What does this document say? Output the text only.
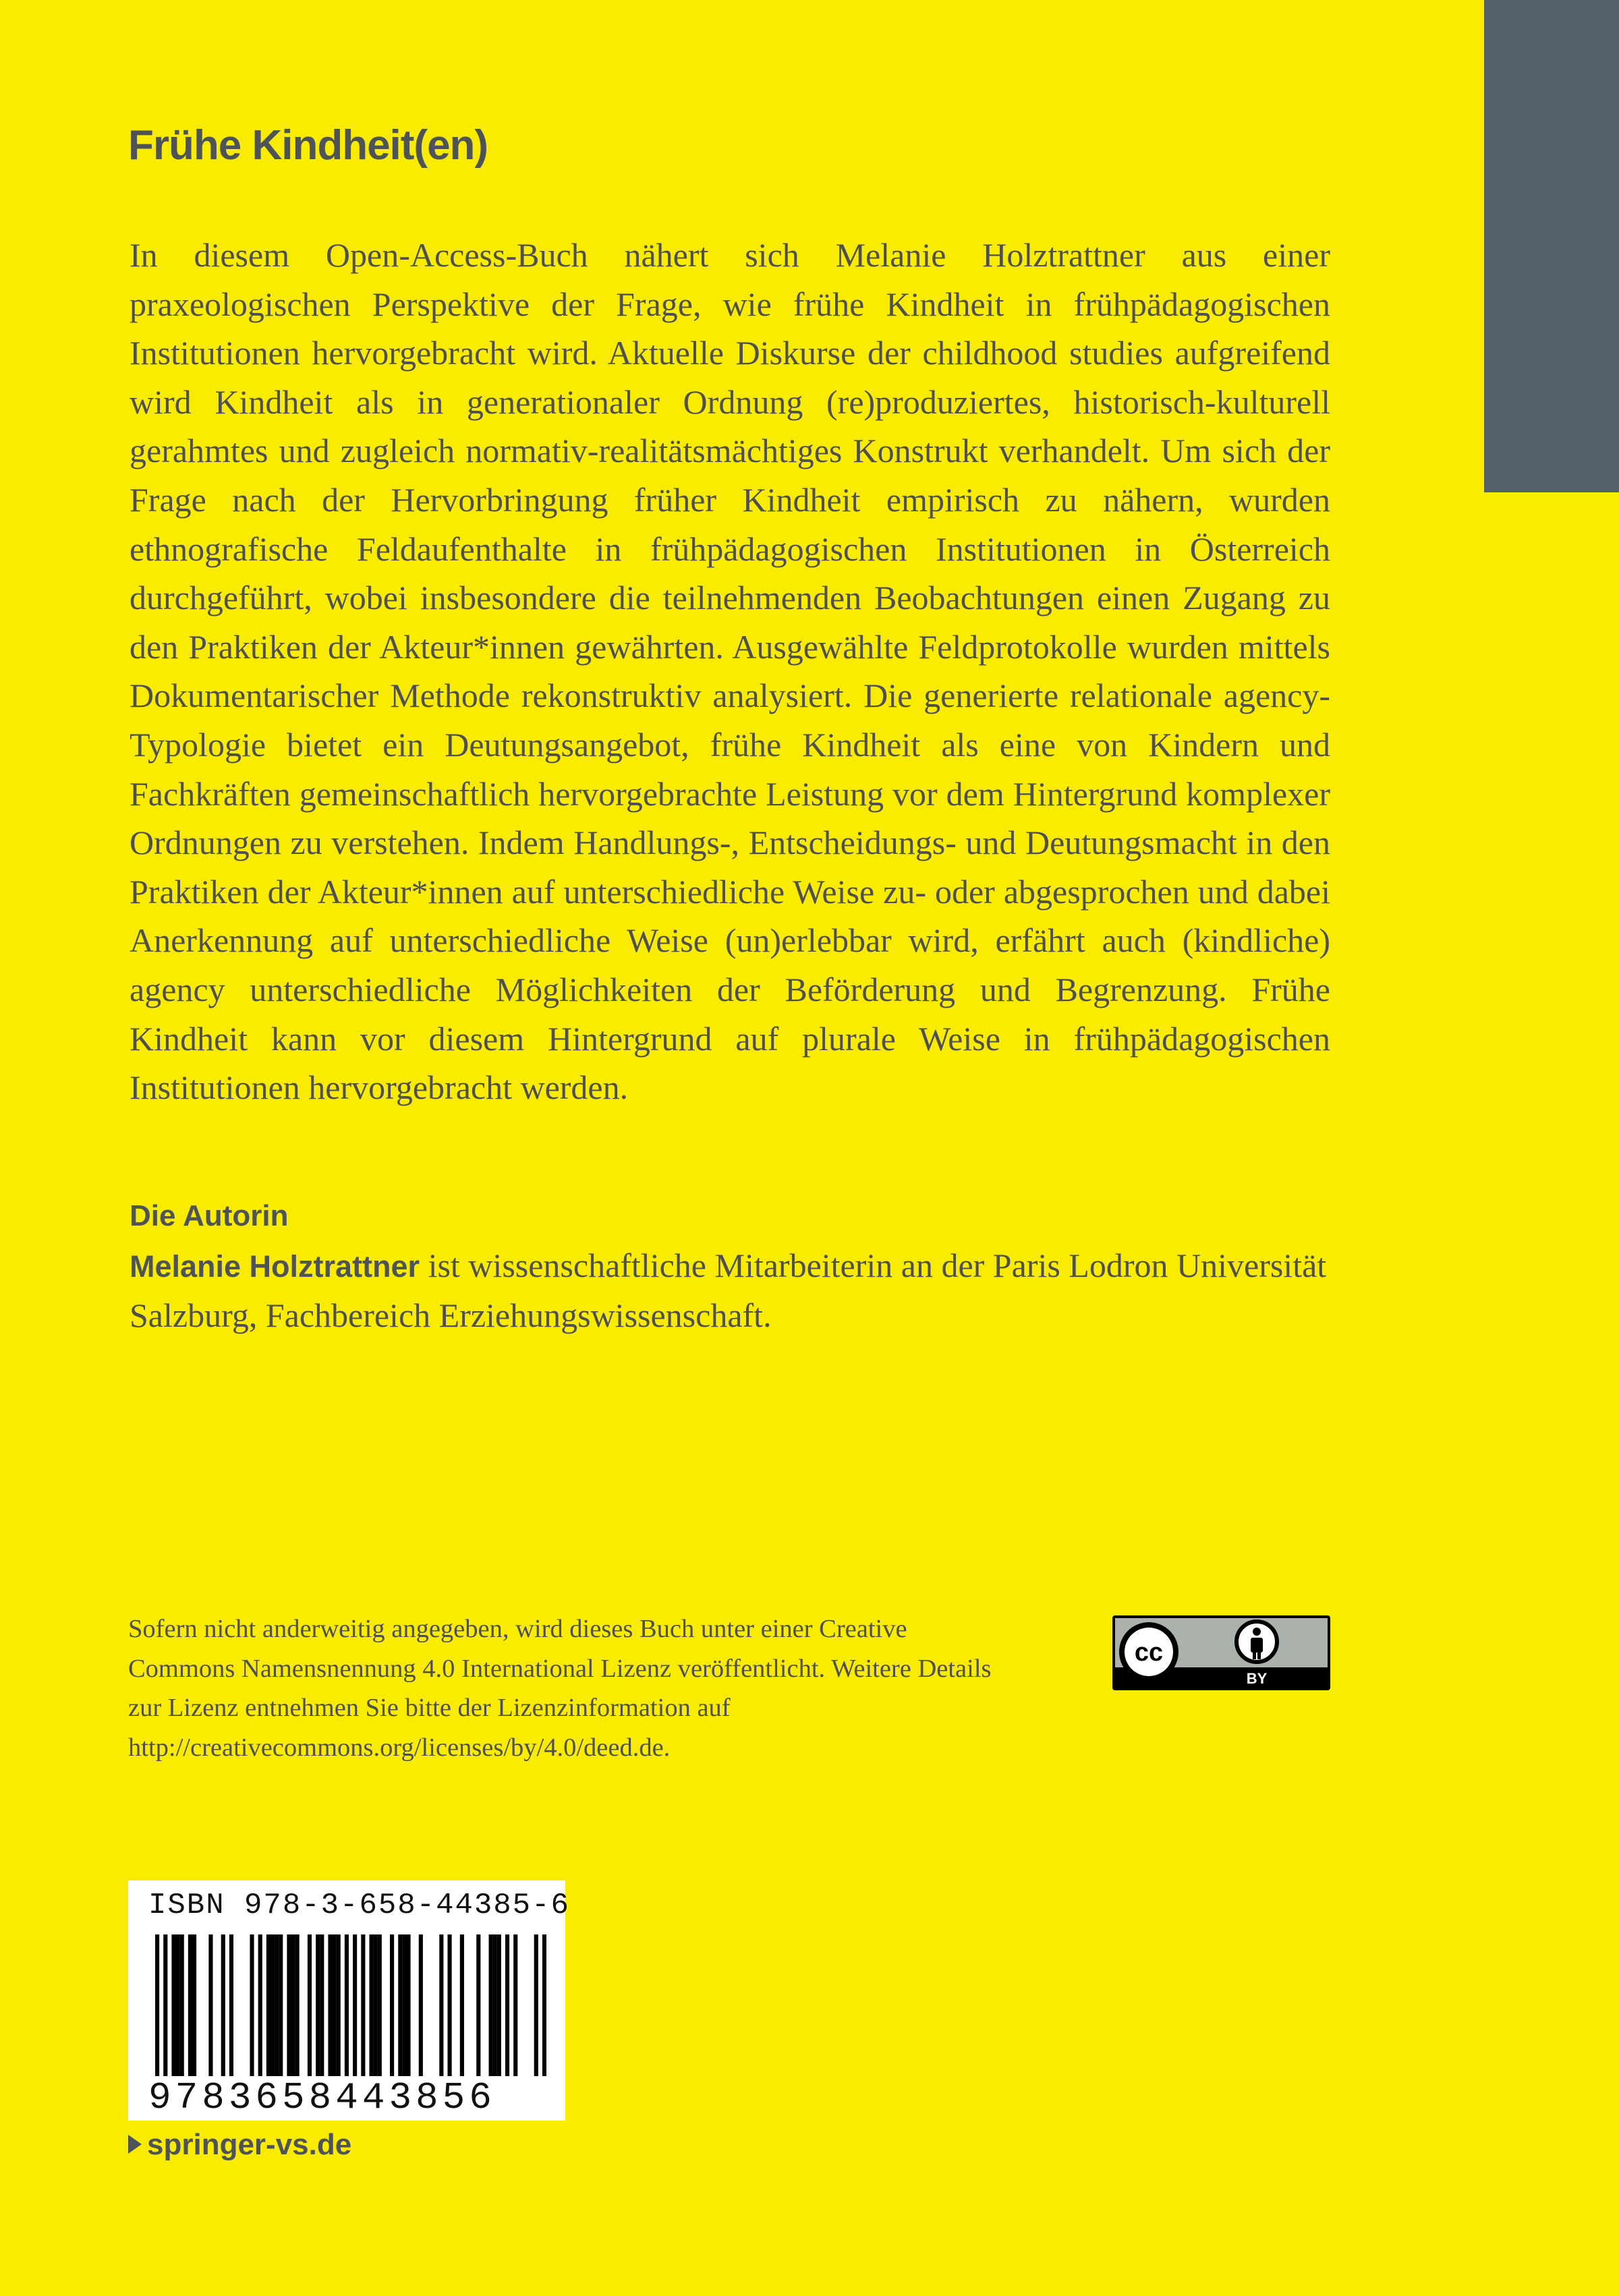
Frühe Kindheit(en)

In diesem Open-Access-Buch nähert sich Melanie Holztrattner aus einer praxeologischen Perspektive der Frage, wie frühe Kindheit in frühpädagogischen Institutionen hervorgebracht wird. Aktuelle Diskurse der childhood studies aufgreifend wird Kindheit als in generationaler Ordnung (re)produziertes, historisch-kulturell gerahmtes und zugleich normativ-realitätsmächtiges Konstrukt verhandelt. Um sich der Frage nach der Hervorbringung früher Kindheit empirisch zu nähern, wurden ethnografische Feldaufenthalte in frühpädagogischen Institutionen in Österreich durchgeführt, wobei insbesondere die teilnehmenden Beobachtungen einen Zugang zu den Praktiken der Akteur*innen gewährten. Ausgewählte Feldprotokolle wurden mittels Dokumentarischer Methode rekonstruktiv analysiert. Die generierte relationale agency-Typologie bietet ein Deutungsangebot, frühe Kindheit als eine von Kindern und Fachkräften gemeinschaftlich hervorgebrachte Leistung vor dem Hintergrund komplexer Ordnungen zu verstehen. Indem Handlungs-, Entscheidungs- und Deutungsmacht in den Praktiken der Akteur*innen auf unterschiedliche Weise zu- oder abgesprochen und dabei Anerkennung auf unterschiedliche Weise (un)erlebbar wird, erfährt auch (kindliche) agency unterschiedliche Möglichkeiten der Beförderung und Begrenzung. Frühe Kindheit kann vor diesem Hintergrund auf plurale Weise in frühpädagogischen Institutionen hervorgebracht werden.

Die Autorin

Melanie Holztrattner ist wissenschaftliche Mitarbeiterin an der Paris Lodron Universität Salzburg, Fachbereich Erziehungswissenschaft.

Sofern nicht anderweitig angegeben, wird dieses Buch unter einer Creative Commons Namensnennung 4.0 International Lizenz veröffentlicht. Weitere Details zur Lizenz entnehmen Sie bitte der Lizenzinformation auf http://creativecommons.org/licenses/by/4.0/deed.de.

cc
BY
ISBN 978-3-658-44385-6
9783658443856
springer-vs.de
